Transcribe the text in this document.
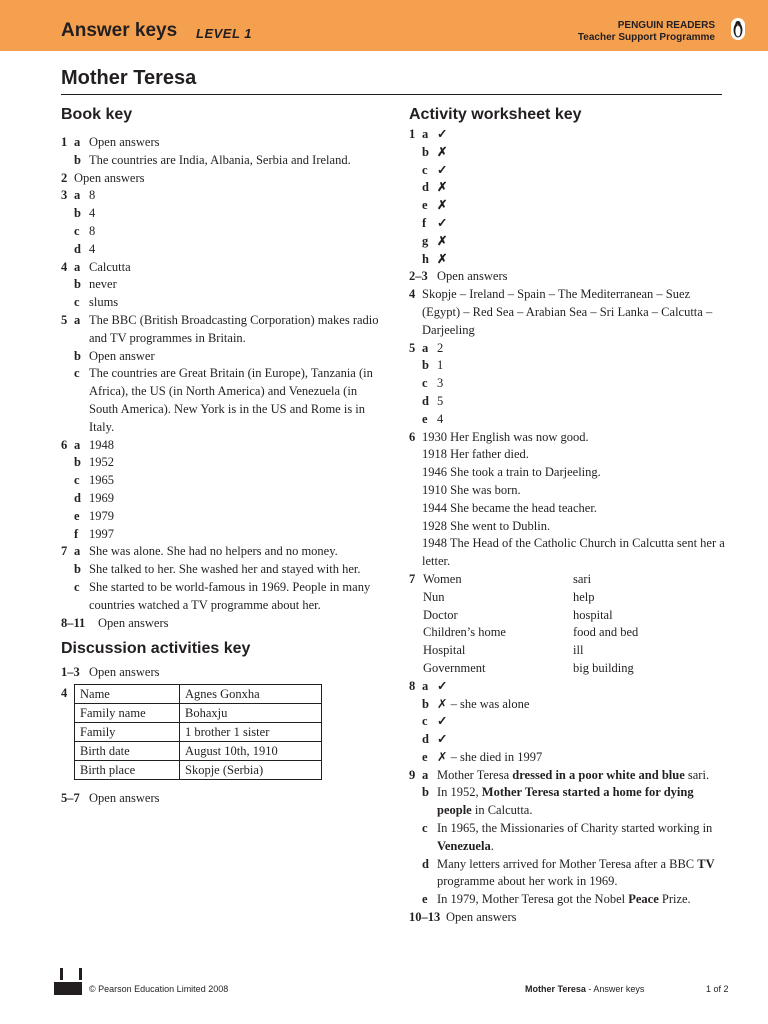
Answer keys LEVEL 1
PENGUIN READERS
Teacher Support Programme
Mother Teresa
Book key
1 a Open answers
b The countries are India, Albania, Serbia and Ireland.
2 Open answers
3 a 8
b 4
c 8
d 4
4 a Calcutta
b never
c slums
5 a The BBC (British Broadcasting Corporation) makes radio and TV programmes in Britain.
b Open answer
c The countries are Great Britain (in Europe), Tanzania (in Africa), the US (in North America) and Venezuela (in South America). New York is in the US and Rome is in Italy.
6 a 1948
b 1952
c 1965
d 1969
e 1979
f 1997
7 a She was alone. She had no helpers and no money.
b She talked to her. She washed her and stayed with her.
c She started to be world-famous in 1969. People in many countries watched a TV programme about her.
8–11	Open answers
Discussion activities key
1–3 Open answers
4 Name	Agnes Gonxha
Family name	Bohaxju
Family	1 brother 1 sister
Birth date	August 10th, 1910
Birth place	Skopje (Serbia)
5–7 Open answers
Activity worksheet key
1 a ✓
b ✗
c ✓
d ✗
e ✗
f ✓
g ✗
h ✗
2–3 Open answers
4 Skopje – Ireland – Spain – The Mediterranean – Suez (Egypt) – Red Sea – Arabian Sea – Sri Lanka – Calcutta – Darjeeling
5 a 2
b 1
c 3
d 5
e 4
6 1930 Her English was now good.
1918 Her father died.
1946 She took a train to Darjeeling.
1910 She was born.
1944 She became the head teacher.
1928 She went to Dublin.
1948 The Head of the Catholic Church in Calcutta sent her a letter.
7 Women	sari
Nun	help
Doctor	hospital
Children’s home	food and bed
Hospital	ill
Government	big building
8 a ✓
b ✗ – she was alone
c ✓
d ✓
e ✗ – she died in 1997
9 a Mother Teresa dressed in a poor white and blue sari.
b In 1952, Mother Teresa started a home for dying people in Calcutta.
c In 1965, the Missionaries of Charity started working in Venezuela.
d Many letters arrived for Mother Teresa after a BBC TV programme about her work in 1969.
e In 1979, Mother Teresa got the Nobel Peace Prize.
10–13 Open answers
© Pearson Education Limited 2008	Mother Teresa - Answer keys	1 of 2
